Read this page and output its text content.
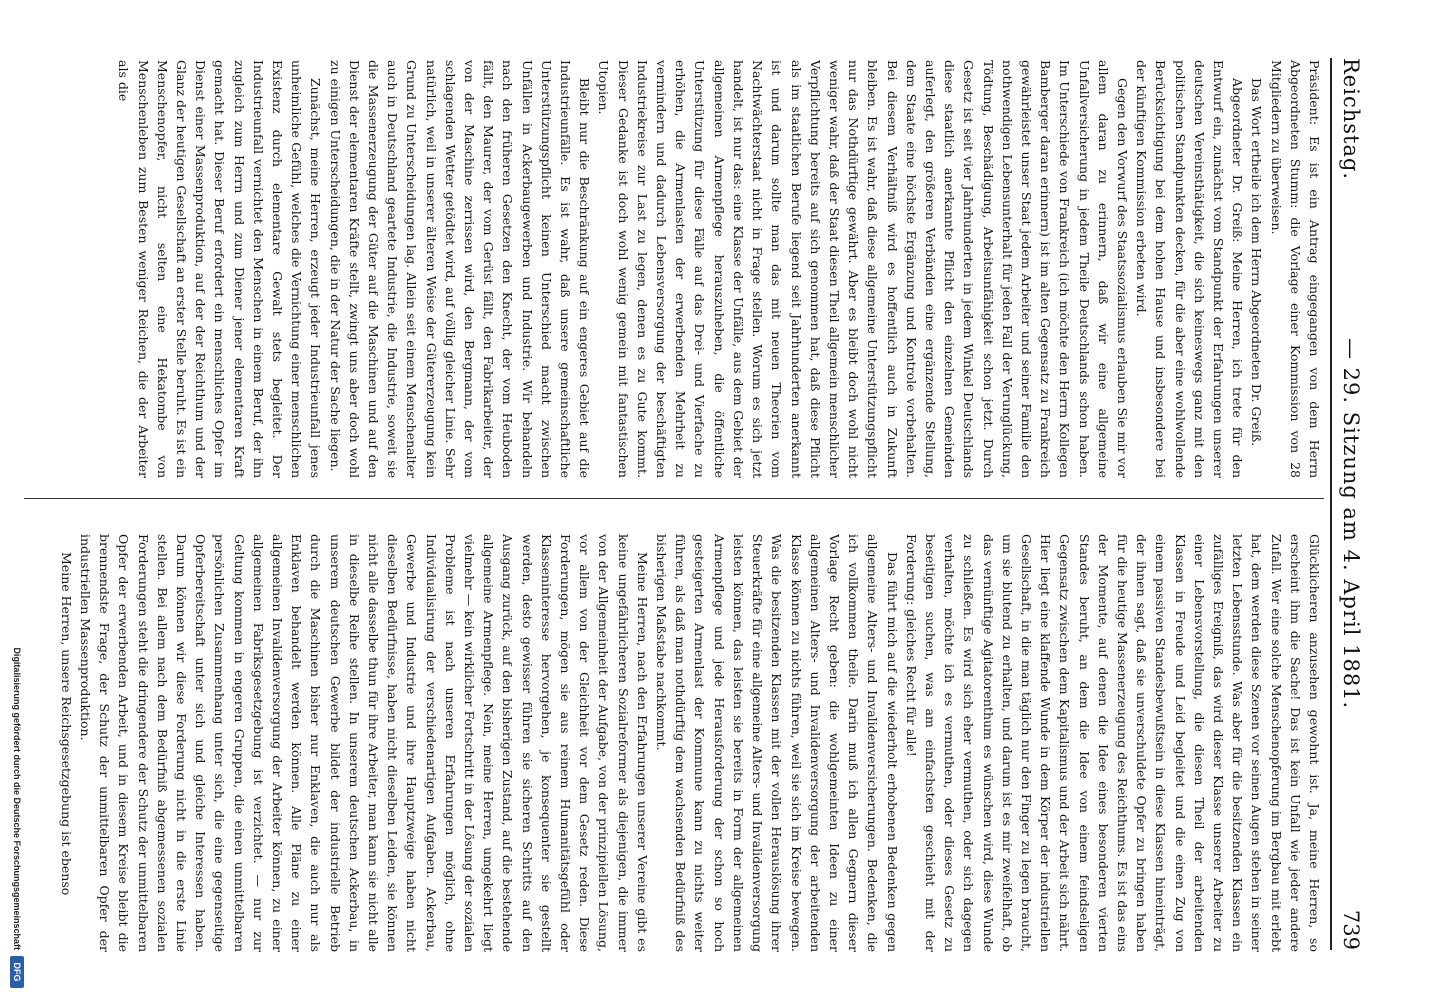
Reichstag.
— 29. Sitzung am 4. April 1881.
739

Präsident: Es ist ein Antrag eingegangen von dem Herrn Abgeordneten Stumm: die Vorlage einer Kommission von 28 Mitgliedern zu überweisen.

Das Wort ertheile ich dem Herrn Abgeordneten Dr. Greiß.

Abgeordneter Dr. Greiß: Meine Herren, ich trete für den Entwurf ein, zunächst vom Standpunkt der Erfahrungen unserer deutschen Vereinsthätigkeit, die sich keineswegs ganz mit den politischen Standpunkten decken, für die aber eine wohlwollende Berücksichtigung bei dem hohen Hause und insbesondere bei der künftigen Kommission erbeten wird.

Gegen den Vorwurf des Staatssozialismus erlauben Sie mir vor allem daran zu erinnern, daß wir eine allgemeine Unfallversicherung in jedem Theile Deutschlands schon haben. Im Unterschiede von Frankreich (ich möchte den Herrn Kollegen Bamberger daran erinnern) ist im alten Gegensatz zu Frankreich gewährleistet unser Staat jedem Arbeiter und seiner Familie den nothwendigen Lebensunterhalt für jeden Fall der Verunglückung, Tödtung, Beschädigung, Arbeitsunfähigkeit schon jetzt. Durch Gesetz ist seit vier Jahrhunderten in jedem Winkel Deutschlands diese staatlich anerkannte Pflicht den einzelnen Gemeinden auferlegt, den größeren Verbänden eine ergänzende Stellung, dem Staate eine höchste Ergänzung und Kontrole vorbehalten. Bei diesem Verhältniß wird es hoffentlich auch in Zukunft bleiben. Es ist wahr, daß diese allgemeine Unterstützungspflicht nur das Nothdürftige gewährt. Aber es bleibt doch wohl nicht weniger wahr, daß der Staat diesen Theil allgemein menschlicher Verpflichtung bereits auf sich genommen hat, daß diese Pflicht als im staatlichen Berufe liegend seit Jahrhunderten anerkannt ist und darum sollte man das mit neuen Theorien vom Nachtwächterstaat nicht in Frage stellen. Worum es sich jetzt handelt, ist nur das: eine Klasse der Unfälle, aus dem Gebiet der allgemeinen Armenpflege herauszuheben, die öffentliche Unterstützung für diese Fälle auf das Drei- und Vierfache zu erhöhen, die Armenlasten der erwerbenden Mehrheit zu vermindern und dadurch Lebensversorgung der beschäftigten Industriekreise zur Last zu legen, denen es zu Gute kommt. Dieser Gedanke ist doch wohl wenig gemein mit fantastischen Utopien.

Bleibt nur die Beschränkung auf ein engeres Gebiet auf die Industrieunfälle. Es ist wahr, daß unsere gemeinschaftliche Unterstützungspflicht keinen Unterschied macht zwischen Unfällen in Ackerbaugewerben und Industrie. Wir behandeln nach den früheren Gesetzen den Knecht, der vom Heuboden fällt, den Maurer, der vom Gerüst fällt, den Fabrikarbeiter, der von der Maschine zerrissen wird, den Bergmann, der vom schlagenden Wetter getödtet wird, auf völlig gleicher Linie. Sehr natürlich, weil in unserer älteren Weise der Gütererzeugung kein Grund zu Unterscheidungen lag. Allein seit einem Menschenalter auch in Deutschland geartete Industrie, die Industrie, soweit sie die Massenerzeugung der Güter auf die Maschinen und auf den Dienst der elementaren Kräfte stellt, zwingt uns aber doch wohl zu einigen Unterscheidungen, die in der Natur der Sache liegen.

Zunächst, meine Herren, erzeugt jeder Industrieunfall jenes unheimliche Gefühl, welches die Vernichtung einer menschlichen Existenz durch elementare Gewalt stets begleitet. Der Industrieunfall vernichtet den Menschen in einem Beruf, der ihn zugleich zum Herrn und zum Diener jener elementaren Kraft gemacht hat. Dieser Beruf erfordert ein menschliches Opfer im Dienst einer Massenproduktion, auf der der Reichthum und der Glanz der heutigen Gesellschaft an erster Stelle beruht. Es ist ein Menschenopfer, nicht selten eine Hekatombe von Menschenleben zum Besten weniger Reichen, die der Arbeiter als die

Glücklicheren anzusehen gewohnt ist. Ja, meine Herren, so erscheint ihm die Sache! Das ist kein Unfall wie jeder andere Zufall. Wer eine solche Menschenopferung im Bergbau mit erlebt hat, dem werden diese Szenen vor seinen Augen stehen in seiner letzten Lebensstunde. Was aber für die besitzenden Klassen ein zufälliges Ereigniß, das wird dieser Klasse unserer Arbeiter zu einer Lebensvorstellung, die diesen Theil der arbeitenden Klassen in Freude und Leid begleitet und die einen Zug von einem passiven Standesbewußtsein in diese Klassen hineinträgt, der ihnen sagt, daß sie unverschuldete Opfer zu bringen haben für die heutige Massenerzeugung des Reichthums. Es ist das eins der Momente, auf denen die Idee eines besonderen vierten Standes beruht, an dem die Idee von einem feindseligen Gegensatz zwischen dem Kapitalismus und der Arbeit sich nährt. Hier liegt eine klaffende Wunde in dem Körper der industriellen Gesellschaft, in die man täglich nur den Finger zu legen braucht, um sie blutend zu erhalten, und darum ist es mir zweifelhaft, ob das vernünftige Agitatorenthum es wünschen wird, diese Wunde zu schließen. Es wird sich eher vermuthen, oder sich dagegen verhalten, möchte ich es vermuthen, oder dieses Gesetz zu beseitigen suchen, was am einfachsten geschieht mit der Forderung: gleiches Recht für alle!

Das führt mich auf die wiederholt erhobenen Bedenken gegen allgemeine Alters- und Invalidenversicherungen. Bedenken, die ich vollkommen theile. Darin muß ich allen Gegnern dieser Vorlage Recht geben: die wohlgemeinten Ideen zu einer allgemeinen Alters- und Invalidenversorgung der arbeitenden Klasse können zu nichts führen, weil sie sich im Kreise bewegen. Was die besitzenden Klassen mit der vollen Herauslösung ihrer Steuerkräfte für eine allgemeine Alters- und Invalidenversorgung leisten können, das leisten sie bereits in Form der allgemeinen Armenpflege und jede Herausforderung der schon so hoch gesteigerten Armenlast der Kommune kann zu nichts weiter führen, als daß man nothdürftig dem wachsenden Bedürfniß des bisherigen Maßstabe nachkommt.

Meine Herren, nach den Erfahrungen unserer Vereine gibt es keine ungefährlicheren Sozialreformer als diejenigen, die immer von der Allgemeinheit der Aufgabe, von der prinzipiellen Lösung, vor allem von der Gleichheit vor dem Gesetz reden. Diese Forderungen, mögen sie aus reinem Humanitätsgefühl oder Klasseninteresse hervorgehen, je konsequenter sie gestellt werden, desto gewisser führen sie sicheren Schritts auf den Ausgang zurück, auf den bisherigen Zustand, auf die bestehende allgemeine Armenpflege. Nein, meine Herren, umgekehrt liegt vielmehr — kein wirklicher Fortschritt in der Lösung der sozialen Probleme ist nach unseren Erfahrungen möglich, ohne Individualisirung der verschiedenartigen Aufgaben. Ackerbau, Gewerbe und Industrie und ihre Hauptzweige haben nicht dieselben Bedürfnisse, haben nicht dieselben Leiden, sie können nicht alle dasselbe thun für ihre Arbeiter, man kann sie nicht alle in dieselbe Reihe stellen. In unserem deutschen Ackerbau, in unserem deutschen Gewerbe bildet der industrielle Betrieb durch die Maschinen bisher nur Enklaven, die auch nur als Enklaven behandelt werden können. Alle Pläne zu einer allgemeinen Invalidenversorgung der Arbeiter können, zu einer allgemeinen Fabriksgesetzgebung ist verzichtet. — nur zur Geltung kommen in engeren Gruppen, die einen unmittelbaren persönlichen Zusammenhang unter sich, die eine gegenseitige Opferbereitschaft unter sich und gleiche Interessen haben. Darum können wir diese Forderung nicht in die erste Linie stellen. Bei allem nach dem Bedürfniß abgemessenen sozialen Forderungen steht die dringendere der Schutz der unmittelbaren Opfer der erwerbenden Arbeit, und in diesem Kreise bleibt die brennendste Frage, der Schutz der unmittelbaren Opfer der industriellen Massenproduktion.

Meine Herren, unsere Reichsgesetzgebung ist ebenso

Digitalisierung gefördert durch die Deutsche Forschungsgemeinschaft
DFG
